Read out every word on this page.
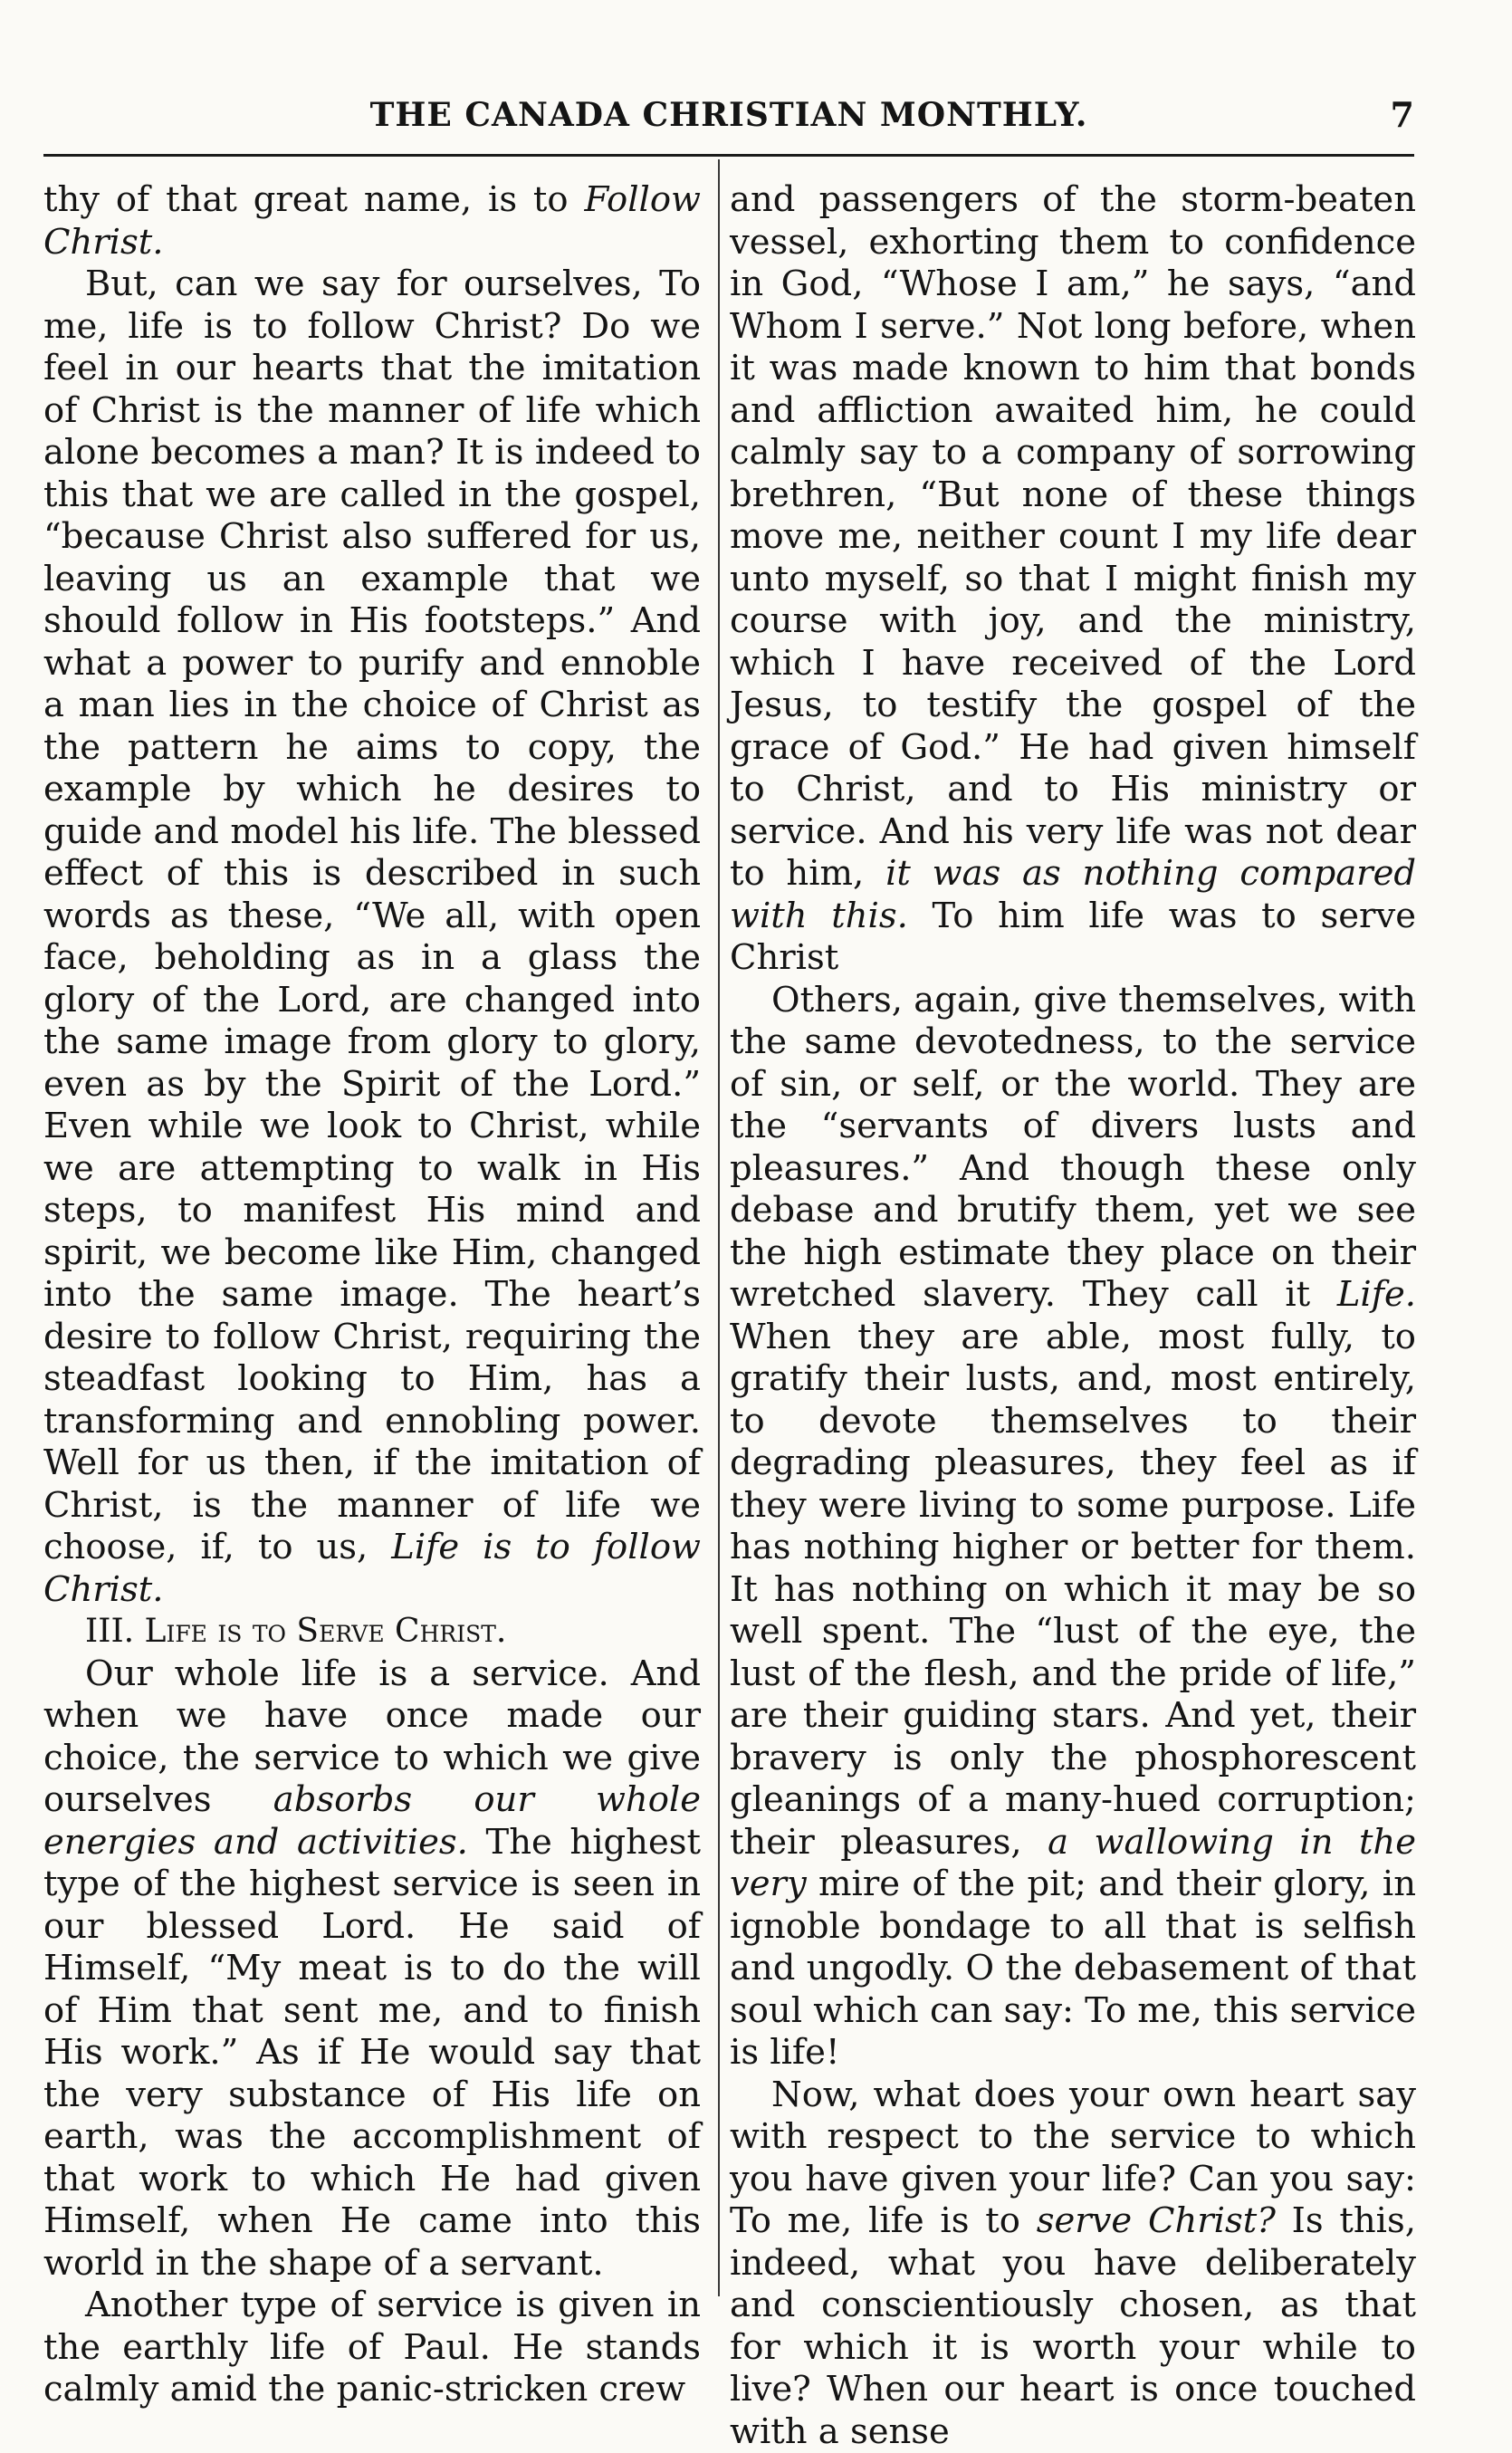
THE CANADA CHRISTIAN MONTHLY.	7

thy of that great name, is to Follow Christ.

But, can we say for ourselves, To me, life is to follow Christ? Do we feel in our hearts that the imitation of Christ is the manner of life which alone becomes a man? It is indeed to this that we are called in the gospel, “because Christ also suffered for us, leaving us an example that we should follow in His footsteps.” And what a power to purify and ennoble a man lies in the choice of Christ as the pattern he aims to copy, the example by which he desires to guide and model his life. The blessed effect of this is described in such words as these, “We all, with open face, beholding as in a glass the glory of the Lord, are changed into the same image from glory to glory, even as by the Spirit of the Lord.” Even while we look to Christ, while we are attempting to walk in His steps, to manifest His mind and spirit, we become like Him, changed into the same image. The heart’s desire to follow Christ, requiring the steadfast looking to Him, has a transforming and ennobling power. Well for us then, if the imitation of Christ, is the manner of life we choose, if, to us, Life is to follow Christ.

III. Life is to Serve Christ.

Our whole life is a service. And when we have once made our choice, the service to which we give ourselves absorbs our whole energies and activities. The highest type of the highest service is seen in our blessed Lord. He said of Himself, “My meat is to do the will of Him that sent me, and to finish His work.” As if He would say that the very substance of His life on earth, was the accomplishment of that work to which He had given Himself, when He came into this world in the shape of a servant.

Another type of service is given in the earthly life of Paul. He stands calmly amid the panic-stricken crew

and passengers of the storm-beaten vessel, exhorting them to confidence in God, “Whose I am,” he says, “and Whom I serve.” Not long before, when it was made known to him that bonds and affliction awaited him, he could calmly say to a company of sorrowing brethren, “But none of these things move me, neither count I my life dear unto myself, so that I might finish my course with joy, and the ministry, which I have received of the Lord Jesus, to testify the gospel of the grace of God.” He had given himself to Christ, and to His ministry or service. And his very life was not dear to him, it was as nothing compared with this. To him life was to serve Christ

Others, again, give themselves, with the same devotedness, to the service of sin, or self, or the world. They are the “servants of divers lusts and pleasures.” And though these only debase and brutify them, yet we see the high estimate they place on their wretched slavery. They call it Life. When they are able, most fully, to gratify their lusts, and, most entirely, to devote themselves to their degrading pleasures, they feel as if they were living to some purpose. Life has nothing higher or better for them. It has nothing on which it may be so well spent. The “lust of the eye, the lust of the flesh, and the pride of life,” are their guiding stars. And yet, their bravery is only the phosphorescent gleanings of a many-hued corruption; their pleasures, a wallowing in the very mire of the pit; and their glory, in ignoble bondage to all that is selfish and ungodly. O the debasement of that soul which can say: To me, this service is life!

Now, what does your own heart say with respect to the service to which you have given your life? Can you say: To me, life is to serve Christ? Is this, indeed, what you have deliberately and conscientiously chosen, as that for which it is worth your while to live? When our heart is once touched with a sense
